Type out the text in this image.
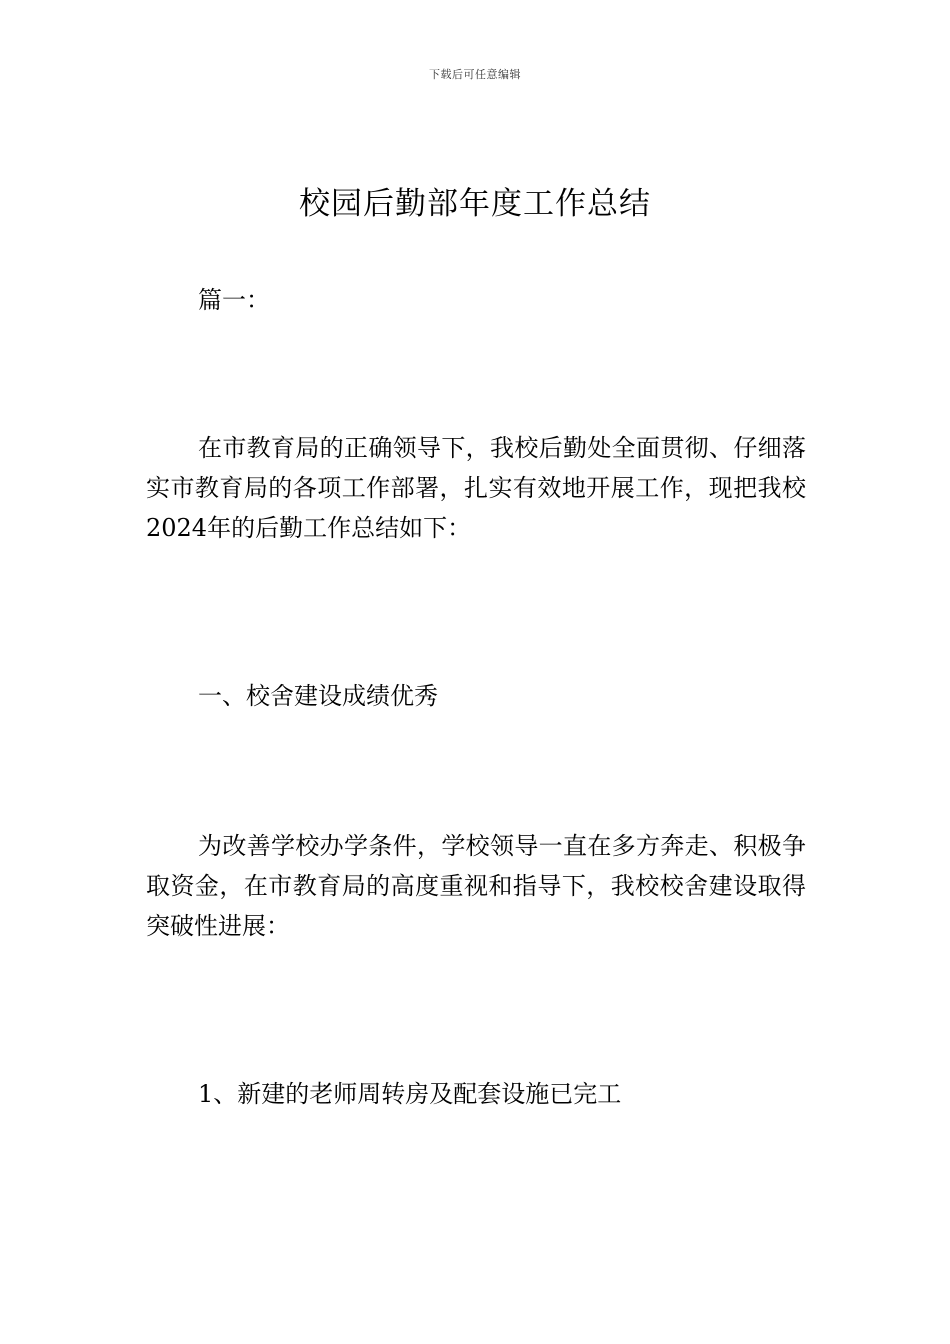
下载后可任意编辑
校园后勤部年度工作总结

篇一：

在市教育局的正确领导下，我校后勤处全面贯彻、仔细落实市教育局的各项工作部署，扎实有效地开展工作，现把我校2024年的后勤工作总结如下：

一、校舍建设成绩优秀

为改善学校办学条件，学校领导一直在多方奔走、积极争取资金，在市教育局的高度重视和指导下，我校校舍建设取得突破性进展：

1、新建的老师周转房及配套设施已完工
